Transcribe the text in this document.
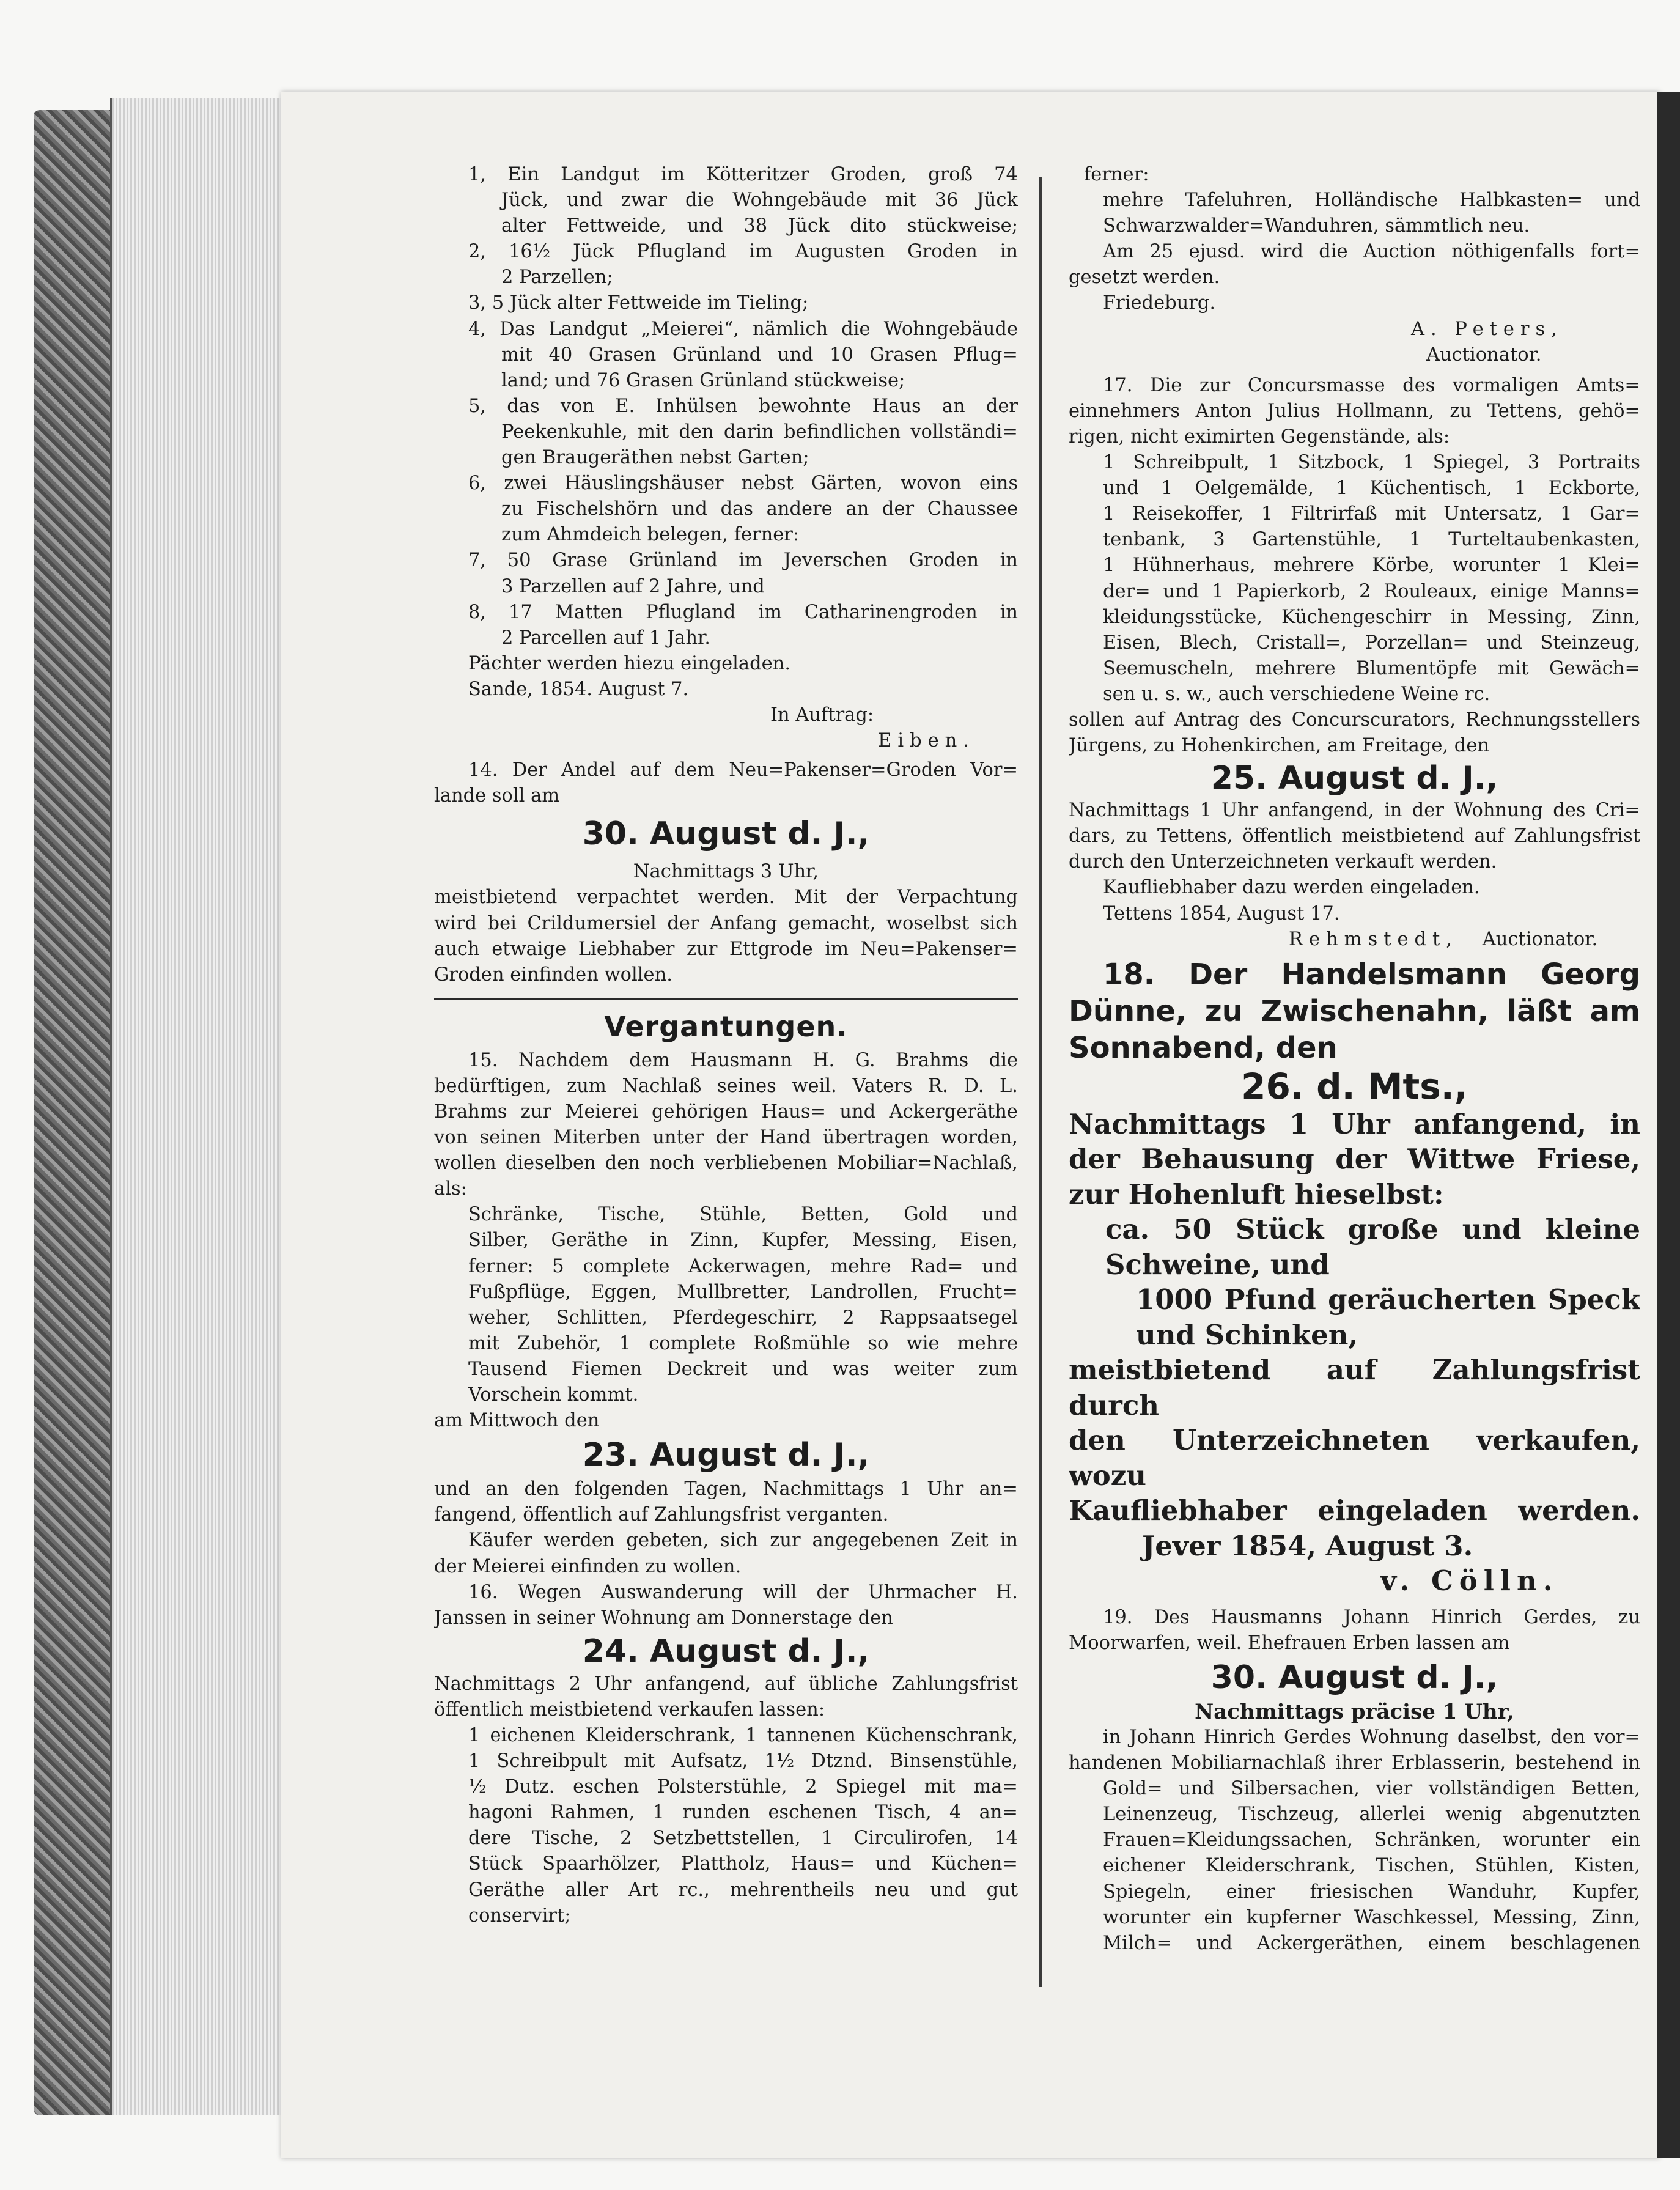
1, Ein Landgut im Kötteritzer Groden, groß 74
Jück, und zwar die Wohngebäude mit 36 Jück
alter Fettweide, und 38 Jück dito stückweise;
2, 16½ Jück Pflugland im Augusten Groden in
2 Parzellen;
3, 5 Jück alter Fettweide im Tieling;
4, Das Landgut „Meierei“, nämlich die Wohngebäude
mit 40 Grasen Grünland und 10 Grasen Pflug=
land; und 76 Grasen Grünland stückweise;
5, das von E. Inhülsen bewohnte Haus an der
Peekenkuhle, mit den darin befindlichen vollständi=
gen Braugeräthen nebst Garten;
6, zwei Häuslingshäuser nebst Gärten, wovon eins
zu Fischelshörn und das andere an der Chaussee
zum Ahmdeich belegen, ferner:
7, 50 Grase Grünland im Jeverschen Groden in
3 Parzellen auf 2 Jahre, und
8, 17 Matten Pflugland im Catharinengroden in
2 Parcellen auf 1 Jahr.
Pächter werden hiezu eingeladen.
Sande, 1854. August 7.
In Auftrag:
Eiben.
14. Der Andel auf dem Neu=Pakenser=Groden Vor=
lande soll am
30. August d. J.,
Nachmittags 3 Uhr,
meistbietend verpachtet werden. Mit der Verpachtung
wird bei Crildumersiel der Anfang gemacht, woselbst sich
auch etwaige Liebhaber zur Ettgrode im Neu=Pakenser=
Groden einfinden wollen.
Vergantungen.
15. Nachdem dem Hausmann H. G. Brahms die
bedürftigen, zum Nachlaß seines weil. Vaters R. D. L.
Brahms zur Meierei gehörigen Haus= und Ackergeräthe
von seinen Miterben unter der Hand übertragen worden,
wollen dieselben den noch verbliebenen Mobiliar=Nachlaß,
als:
Schränke, Tische, Stühle, Betten, Gold und
Silber, Geräthe in Zinn, Kupfer, Messing, Eisen,
ferner: 5 complete Ackerwagen, mehre Rad= und
Fußpflüge, Eggen, Mullbretter, Landrollen, Frucht=
weher, Schlitten, Pferdegeschirr, 2 Rappsaatsegel
mit Zubehör, 1 complete Roßmühle so wie mehre
Tausend Fiemen Deckreit und was weiter zum
Vorschein kommt.
am Mittwoch den
23. August d. J.,
und an den folgenden Tagen, Nachmittags 1 Uhr an=
fangend, öffentlich auf Zahlungsfrist verganten.
Käufer werden gebeten, sich zur angegebenen Zeit in
der Meierei einfinden zu wollen.
16. Wegen Auswanderung will der Uhrmacher H.
Janssen in seiner Wohnung am Donnerstage den
24. August d. J.,
Nachmittags 2 Uhr anfangend, auf übliche Zahlungsfrist
öffentlich meistbietend verkaufen lassen:
1 eichenen Kleiderschrank, 1 tannenen Küchenschrank,
1 Schreibpult mit Aufsatz, 1½ Dtznd. Binsenstühle,
½ Dutz. eschen Polsterstühle, 2 Spiegel mit ma=
hagoni Rahmen, 1 runden eschenen Tisch, 4 an=
dere Tische, 2 Setzbettstellen, 1 Circulirofen, 14
Stück Spaarhölzer, Plattholz, Haus= und Küchen=
Geräthe aller Art rc., mehrentheils neu und gut
conservirt;
ferner:
mehre Tafeluhren, Holländische Halbkasten= und
Schwarzwalder=Wanduhren, sämmtlich neu.
Am 25 ejusd. wird die Auction nöthigenfalls fort=
gesetzt werden.
Friedeburg.
A. Peters,
Auctionator.
17. Die zur Concursmasse des vormaligen Amts=
einnehmers Anton Julius Hollmann, zu Tettens, gehö=
rigen, nicht eximirten Gegenstände, als:
1 Schreibpult, 1 Sitzbock, 1 Spiegel, 3 Portraits
und 1 Oelgemälde, 1 Küchentisch, 1 Eckborte,
1 Reisekoffer, 1 Filtrirfaß mit Untersatz, 1 Gar=
tenbank, 3 Gartenstühle, 1 Turteltaubenkasten,
1 Hühnerhaus, mehrere Körbe, worunter 1 Klei=
der= und 1 Papierkorb, 2 Rouleaux, einige Manns=
kleidungsstücke, Küchengeschirr in Messing, Zinn,
Eisen, Blech, Cristall=, Porzellan= und Steinzeug,
Seemuscheln, mehrere Blumentöpfe mit Gewäch=
sen u. s. w., auch verschiedene Weine rc.
sollen auf Antrag des Concurscurators, Rechnungsstellers
Jürgens, zu Hohenkirchen, am Freitage, den
25. August d. J.,
Nachmittags 1 Uhr anfangend, in der Wohnung des Cri=
dars, zu Tettens, öffentlich meistbietend auf Zahlungsfrist
durch den Unterzeichneten verkauft werden.
Kaufliebhaber dazu werden eingeladen.
Tettens 1854, August 17.
Rehmstedt, Auctionator.
18. Der Handelsmann Georg
Dünne, zu Zwischenahn, läßt am
Sonnabend, den
26. d. Mts.,
Nachmittags 1 Uhr anfangend, in
der Behausung der Wittwe Friese,
zur Hohenluft hieselbst:
ca. 50 Stück große und kleine
Schweine, und
1000 Pfund geräucherten Speck
und Schinken,
meistbietend auf Zahlungsfrist durch
den Unterzeichneten verkaufen, wozu
Kaufliebhaber eingeladen werden.
Jever 1854, August 3.
v. Cölln.
19. Des Hausmanns Johann Hinrich Gerdes, zu
Moorwarfen, weil. Ehefrauen Erben lassen am
30. August d. J.,
Nachmittags präcise 1 Uhr,
in Johann Hinrich Gerdes Wohnung daselbst, den vor=
handenen Mobiliarnachlaß ihrer Erblasserin, bestehend in
Gold= und Silbersachen, vier vollständigen Betten,
Leinenzeug, Tischzeug, allerlei wenig abgenutzten
Frauen=Kleidungssachen, Schränken, worunter ein
eichener Kleiderschrank, Tischen, Stühlen, Kisten,
Spiegeln, einer friesischen Wanduhr, Kupfer,
worunter ein kupferner Waschkessel, Messing, Zinn,
Milch= und Ackergeräthen, einem beschlagenen
